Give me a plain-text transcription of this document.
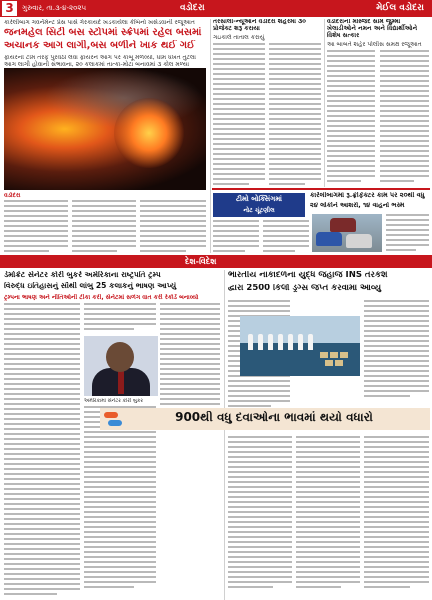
3	ગુરુવાર, તા.૩-૪-૨૦૨૫	વડોદરા	મેઈલ વડોદરા
કારેલીબાગ ગવર્નમેન્ટ પ્રેસ પાસે ગેરકાયદે ખડકાયેલા કેબિનો ખસેડવાની રજૂઆત
જનમહેલ સિટી બસ સ્ટોપમાં સ્ક્રેપમાં રહેલ બસમાં
અચાનક આગ લાગી,બસ બળીને ખાક થઈ ગઈ
ફાયરની ટીમ તરફ પુરવઠો લેવા ફાયરને આગ પર કાબૂ મેળવ્યો, ધીમ ધખત તુટલા આગ લાગી હોવાની સંભાવના, ૨૦ કલાકમાં તાત્કા-મોટા બનાવમાં ૩ કોલ મળ્યા
વડોદરા
તરસાલી-ન્યૂઆને વડોદરા શહેરમાં ૩૦ પ્રોજેક્ટ શરૂ કરાયા
ગઇકાલે તાતાલ કરાયું
વડોદરાની મસ્જિદ સામે જુમ્મા ખેલાડીઓને નમન અને વિદ્યાર્થીઓને વિશેષ સત્કાર
આ બાબતે શહેર પોલીસ સમક્ષ રજૂઆત
ટીમો બોક્સિંગમાં
નોટ ચૂંટણીલ
કારેલીબાગમાં રૂ.ફ્રીફેક્ટર કામ પર ૨૦થી વધુ
૨૪ લોકોને આશરો, ૧૪ વાહનો ભસ્મ
દેશ-વિદેશ
ડેમોક્રેટ સેનેટર કોરી બુકરે અમેરિકાના રાષ્ટ્રપતિ ટ્રમ્પ
વિરુદ્ધ ઇતિહાસનું સૌથી લાંબુ 25 કલાકનું ભાષણ આપ્યું
ટ્રમ્પના ભાષણ અને નીતિઓની ટીકા કરી, સેનેટમાં સળંગ વાત કરી રેકોર્ડ બનાવ્યો
અમેરિકામાં સેનેટર કોરી બુકર
ભારતીય નૌકાદળના યુદ્ધ જહાજ INS તરકશ
દ્વારા 2500 કિલો ડ્રગ્સ જપ્ત કરવામાં આવ્યું
900થી વધુ દવાઓના ભાવમાં થયો વધારો
